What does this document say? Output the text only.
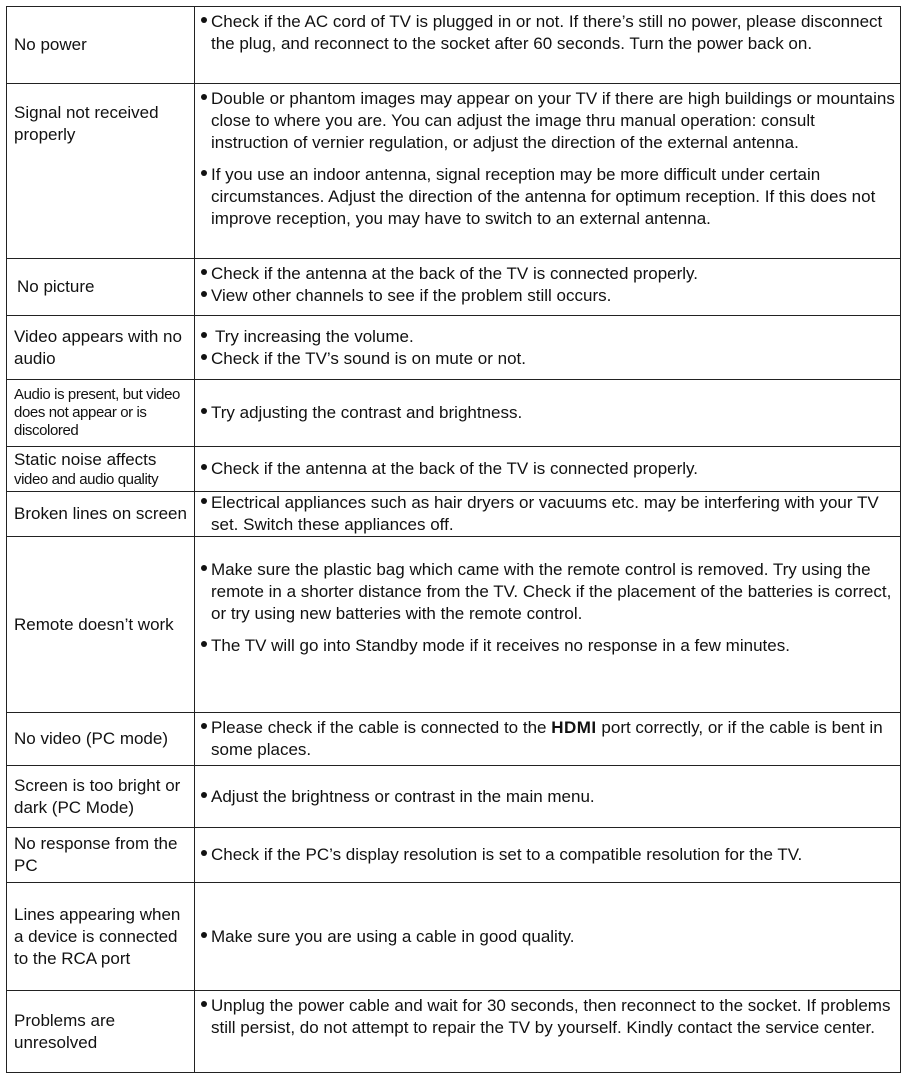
No power	Check if the AC cord of TV is plugged in or not. If there’s still no power, please disconnect the plug, and reconnect to the socket after 60 seconds. Turn the power back on.

Signal not received properly	Double or phantom images may appear on your TV if there are high buildings or mountains close to where you are. You can adjust the image thru manual operation: consult instruction of vernier regulation, or adjust the direction of the external antenna.
If you use an indoor antenna, signal reception may be more difficult under certain circumstances. Adjust the direction of the antenna for optimum reception. If this does not improve reception, you may have to switch to an external antenna.

No picture	Check if the antenna at the back of the TV is connected properly.
View other channels to see if the problem still occurs.

Video appears with no audio	Try increasing the volume.
Check if the TV’s sound is on mute or not.

Audio is present, but video does not appear or is discolored	Try adjusting the contrast and brightness.

Static noise affects
video and audio quality	Check if the antenna at the back of the TV is connected properly.

Broken lines on screen	Electrical appliances such as hair dryers or vacuums etc. may be interfering with your TV set. Switch these appliances off.

Remote doesn’t work	Make sure the plastic bag which came with the remote control is removed. Try using the remote in a shorter distance from the TV. Check if the placement of the batteries is correct, or try using new batteries with the remote control.
The TV will go into Standby mode if it receives no response in a few minutes.

No video (PC mode)	Please check if the cable is connected to the HDMI port correctly, or if the cable is bent in some places.

Screen is too bright or dark (PC Mode)	Adjust the brightness or contrast in the main menu.

No response from the PC	Check if the PC’s display resolution is set to a compatible resolution for the TV.

Lines appearing when a device is connected to the RCA port	Make sure you are using a cable in good quality.

Problems are unresolved	Unplug the power cable and wait for 30 seconds, then reconnect to the socket. If problems still persist, do not attempt to repair the TV by yourself. Kindly contact the service center.
